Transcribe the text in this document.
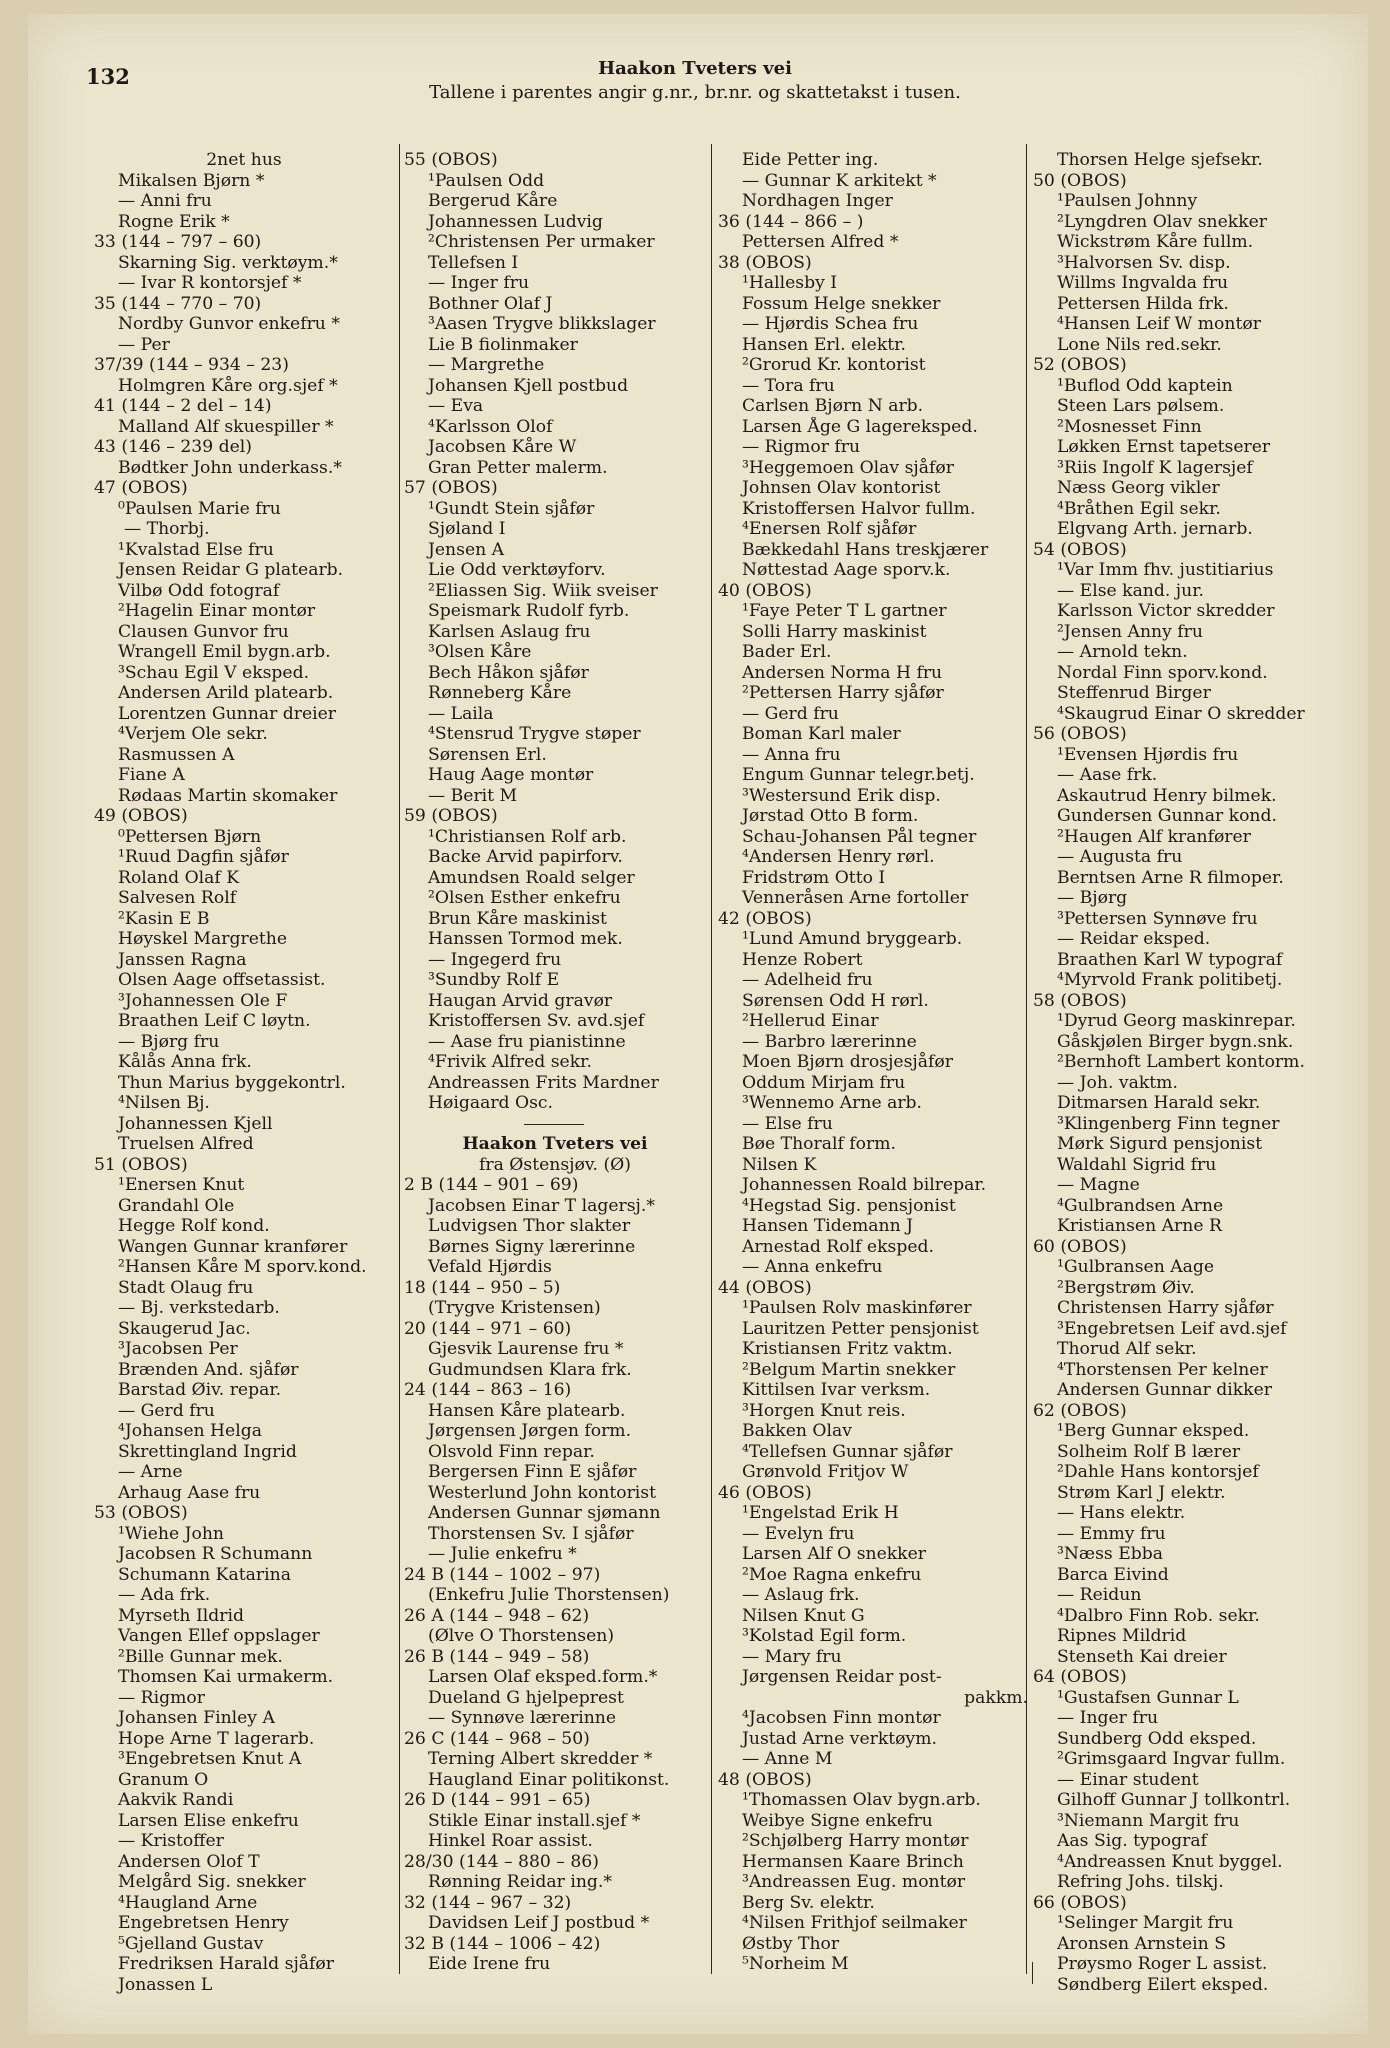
132	Haakon Tveters vei
Tallene i parentes angir g.nr., br.nr. og skattetakst i tusen.
2net hus
Mikalsen Bjørn *
— Anni fru
Rogne Erik *
33 (144 – 797 – 60)
Skarning Sig. verktøym.*
— Ivar R kontorsjef *
35 (144 – 770 – 70)
Nordby Gunvor enkefru *
— Per
37/39 (144 – 934 – 23)
Holmgren Kåre org.sjef *
41 (144 – 2 del – 14)
Malland Alf skuespiller *
43 (146 – 239 del)
Bødtker John underkass.*
47 (OBOS)
⁰Paulsen Marie fru
— Thorbj.
¹Kvalstad Else fru
Jensen Reidar G platearb.
Vilbø Odd fotograf
²Hagelin Einar montør
Clausen Gunvor fru
Wrangell Emil bygn.arb.
³Schau Egil V eksped.
Andersen Arild platearb.
Lorentzen Gunnar dreier
⁴Verjem Ole sekr.
Rasmussen A
Fiane A
Rødaas Martin skomaker
49 (OBOS)
⁰Pettersen Bjørn
¹Ruud Dagfin sjåfør
Roland Olaf K
Salvesen Rolf
²Kasin E B
Høyskel Margrethe
Janssen Ragna
Olsen Aage offsetassist.
³Johannessen Ole F
Braathen Leif C løytn.
— Bjørg fru
Kålås Anna frk.
Thun Marius byggekontrl.
⁴Nilsen Bj.
Johannessen Kjell
Truelsen Alfred
51 (OBOS)
¹Enersen Knut
Grandahl Ole
Hegge Rolf kond.
Wangen Gunnar kranfører
²Hansen Kåre M sporv.kond.
Stadt Olaug fru
— Bj. verkstedarb.
Skaugerud Jac.
³Jacobsen Per
Brænden And. sjåfør
Barstad Øiv. repar.
— Gerd fru
⁴Johansen Helga
Skrettingland Ingrid
— Arne
Arhaug Aase fru
53 (OBOS)
¹Wiehe John
Jacobsen R Schumann
Schumann Katarina
— Ada frk.
Myrseth Ildrid
Vangen Ellef oppslager
²Bille Gunnar mek.
Thomsen Kai urmakerm.
— Rigmor
Johansen Finley A
Hope Arne T lagerarb.
³Engebretsen Knut A
Granum O
Aakvik Randi
Larsen Elise enkefru
— Kristoffer
Andersen Olof T
Melgård Sig. snekker
⁴Haugland Arne
Engebretsen Henry
⁵Gjelland Gustav
Fredriksen Harald sjåfør
Jonassen L
55 (OBOS)
¹Paulsen Odd
Bergerud Kåre
Johannessen Ludvig
²Christensen Per urmaker
Tellefsen I
— Inger fru
Bothner Olaf J
³Aasen Trygve blikkslager
Lie B fiolinmaker
— Margrethe
Johansen Kjell postbud
— Eva
⁴Karlsson Olof
Jacobsen Kåre W
Gran Petter malerm.
57 (OBOS)
¹Gundt Stein sjåfør
Sjøland I
Jensen A
Lie Odd verktøyforv.
²Eliassen Sig. Wiik sveiser
Speismark Rudolf fyrb.
Karlsen Aslaug fru
³Olsen Kåre
Bech Håkon sjåfør
Rønneberg Kåre
— Laila
⁴Stensrud Trygve støper
Sørensen Erl.
Haug Aage montør
— Berit M
59 (OBOS)
¹Christiansen Rolf arb.
Backe Arvid papirforv.
Amundsen Roald selger
²Olsen Esther enkefru
Brun Kåre maskinist
Hanssen Tormod mek.
— Ingegerd fru
³Sundby Rolf E
Haugan Arvid gravør
Kristoffersen Sv. avd.sjef
— Aase fru pianistinne
⁴Frivik Alfred sekr.
Andreassen Frits Mardner
Høigaard Osc.
Haakon Tveters vei
fra Østensjøv. (Ø)
2 B (144 – 901 – 69)
Jacobsen Einar T lagersj.*
Ludvigsen Thor slakter
Børnes Signy lærerinne
Vefald Hjørdis
18 (144 – 950 – 5)
(Trygve Kristensen)
20 (144 – 971 – 60)
Gjesvik Laurense fru *
Gudmundsen Klara frk.
24 (144 – 863 – 16)
Hansen Kåre platearb.
Jørgensen Jørgen form.
Olsvold Finn repar.
Bergersen Finn E sjåfør
Westerlund John kontorist
Andersen Gunnar sjømann
Thorstensen Sv. I sjåfør
— Julie enkefru *
24 B (144 – 1002 – 97)
(Enkefru Julie Thorstensen)
26 A (144 – 948 – 62)
(Ølve O Thorstensen)
26 B (144 – 949 – 58)
Larsen Olaf eksped.form.*
Dueland G hjelpeprest
— Synnøve lærerinne
26 C (144 – 968 – 50)
Terning Albert skredder *
Haugland Einar politikonst.
26 D (144 – 991 – 65)
Stikle Einar install.sjef *
Hinkel Roar assist.
28/30 (144 – 880 – 86)
Rønning Reidar ing.*
32 (144 – 967 – 32)
Davidsen Leif J postbud *
32 B (144 – 1006 – 42)
Eide Irene fru
Eide Petter ing.
— Gunnar K arkitekt *
Nordhagen Inger
36 (144 – 866 – )
Pettersen Alfred *
38 (OBOS)
¹Hallesby I
Fossum Helge snekker
— Hjørdis Schea fru
Hansen Erl. elektr.
²Grorud Kr. kontorist
— Tora fru
Carlsen Bjørn N arb.
Larsen Åge G lagereksped.
— Rigmor fru
³Heggemoen Olav sjåfør
Johnsen Olav kontorist
Kristoffersen Halvor fullm.
⁴Enersen Rolf sjåfør
Bækkedahl Hans treskjærer
Nøttestad Aage sporv.k.
40 (OBOS)
¹Faye Peter T L gartner
Solli Harry maskinist
Bader Erl.
Andersen Norma H fru
²Pettersen Harry sjåfør
— Gerd fru
Boman Karl maler
— Anna fru
Engum Gunnar telegr.betj.
³Westersund Erik disp.
Jørstad Otto B form.
Schau-Johansen Pål tegner
⁴Andersen Henry rørl.
Fridstrøm Otto I
Venneråsen Arne fortoller
42 (OBOS)
¹Lund Amund bryggearb.
Henze Robert
— Adelheid fru
Sørensen Odd H rørl.
²Hellerud Einar
— Barbro lærerinne
Moen Bjørn drosjesjåfør
Oddum Mirjam fru
³Wennemo Arne arb.
— Else fru
Bøe Thoralf form.
Nilsen K
Johannessen Roald bilrepar.
⁴Hegstad Sig. pensjonist
Hansen Tidemann J
Arnestad Rolf eksped.
— Anna enkefru
44 (OBOS)
¹Paulsen Rolv maskinfører
Lauritzen Petter pensjonist
Kristiansen Fritz vaktm.
²Belgum Martin snekker
Kittilsen Ivar verksm.
³Horgen Knut reis.
Bakken Olav
⁴Tellefsen Gunnar sjåfør
Grønvold Fritjov W
46 (OBOS)
¹Engelstad Erik H
— Evelyn fru
Larsen Alf O snekker
²Moe Ragna enkefru
— Aslaug frk.
Nilsen Knut G
³Kolstad Egil form.
— Mary fru
Jørgensen Reidar post-
pakkm.
⁴Jacobsen Finn montør
Justad Arne verktøym.
— Anne M
48 (OBOS)
¹Thomassen Olav bygn.arb.
Weibye Signe enkefru
²Schjølberg Harry montør
Hermansen Kaare Brinch
³Andreassen Eug. montør
Berg Sv. elektr.
⁴Nilsen Frithjof seilmaker
Østby Thor
⁵Norheim M
Thorsen Helge sjefsekr.
50 (OBOS)
¹Paulsen Johnny
²Lyngdren Olav snekker
Wickstrøm Kåre fullm.
³Halvorsen Sv. disp.
Willms Ingvalda fru
Pettersen Hilda frk.
⁴Hansen Leif W montør
Lone Nils red.sekr.
52 (OBOS)
¹Buflod Odd kaptein
Steen Lars pølsem.
²Mosnesset Finn
Løkken Ernst tapetserer
³Riis Ingolf K lagersjef
Næss Georg vikler
⁴Bråthen Egil sekr.
Elgvang Arth. jernarb.
54 (OBOS)
¹Var Imm fhv. justitiarius
— Else kand. jur.
Karlsson Victor skredder
²Jensen Anny fru
— Arnold tekn.
Nordal Finn sporv.kond.
Steffenrud Birger
⁴Skaugrud Einar O skredder
56 (OBOS)
¹Evensen Hjørdis fru
— Aase frk.
Askautrud Henry bilmek.
Gundersen Gunnar kond.
²Haugen Alf kranfører
— Augusta fru
Berntsen Arne R filmoper.
— Bjørg
³Pettersen Synnøve fru
— Reidar eksped.
Braathen Karl W typograf
⁴Myrvold Frank politibetj.
58 (OBOS)
¹Dyrud Georg maskinrepar.
Gåskjølen Birger bygn.snk.
²Bernhoft Lambert kontorm.
— Joh. vaktm.
Ditmarsen Harald sekr.
³Klingenberg Finn tegner
Mørk Sigurd pensjonist
Waldahl Sigrid fru
— Magne
⁴Gulbrandsen Arne
Kristiansen Arne R
60 (OBOS)
¹Gulbransen Aage
²Bergstrøm Øiv.
Christensen Harry sjåfør
³Engebretsen Leif avd.sjef
Thorud Alf sekr.
⁴Thorstensen Per kelner
Andersen Gunnar dikker
62 (OBOS)
¹Berg Gunnar eksped.
Solheim Rolf B lærer
²Dahle Hans kontorsjef
Strøm Karl J elektr.
— Hans elektr.
— Emmy fru
³Næss Ebba
Barca Eivind
— Reidun
⁴Dalbro Finn Rob. sekr.
Ripnes Mildrid
Stenseth Kai dreier
64 (OBOS)
¹Gustafsen Gunnar L
— Inger fru
Sundberg Odd eksped.
²Grimsgaard Ingvar fullm.
— Einar student
Gilhoff Gunnar J tollkontrl.
³Niemann Margit fru
Aas Sig. typograf
⁴Andreassen Knut byggel.
Refring Johs. tilskj.
66 (OBOS)
¹Selinger Margit fru
Aronsen Arnstein S
Prøysmo Roger L assist.
Søndberg Eilert eksped.
